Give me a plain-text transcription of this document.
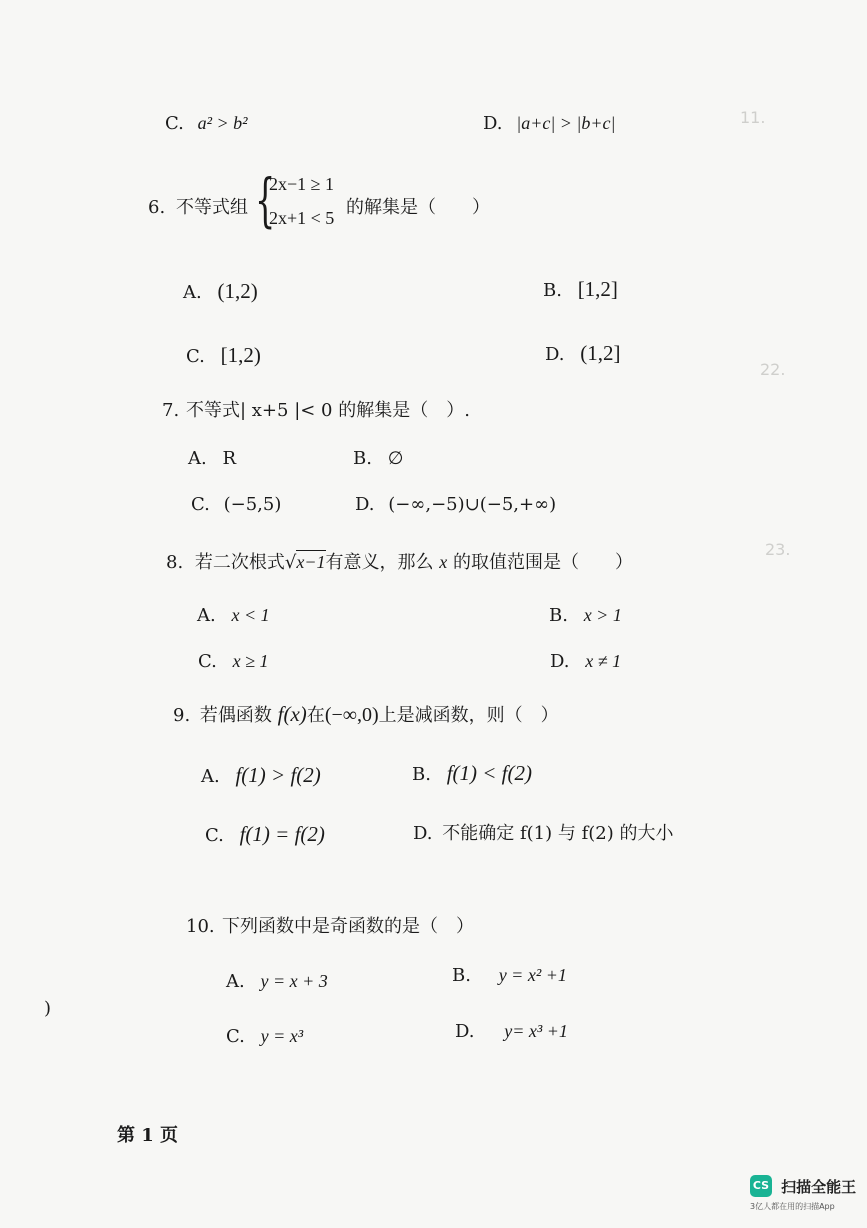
11.
22.
23.
C. a² > b²	D. |a+c| > |b+c|
6. 不等式组 {
2x−1 ≥ 1
2x+1 < 5 的解集是（　　）
A. (1,2)	B. [1,2]
C. [1,2)	D. (1,2]
7. 不等式| x+5 |< 0 的解集是（　）.
A. R	B. ∅
C. (−5,5)	D. (−∞,−5)∪(−5,+∞)
8. 若二次根式√x−1有意义，那么 x 的取值范围是（　　）
A. x < 1	B. x > 1
C. x ≥ 1	D. x ≠ 1
9. 若偶函数 f(x)在(−∞,0)上是减函数，则（　）
A. f(1) > f(2)	B. f(1) < f(2)
C. f(1) = f(2)	D. 不能确定 f(1) 与 f(2) 的大小
10. 下列函数中是奇函数的是（　）
A. y = x + 3	B. y = x² +1
C. y = x³	D. y= x³ +1
)
第 1 页
CS 扫描全能王
3亿人都在用的扫描App
